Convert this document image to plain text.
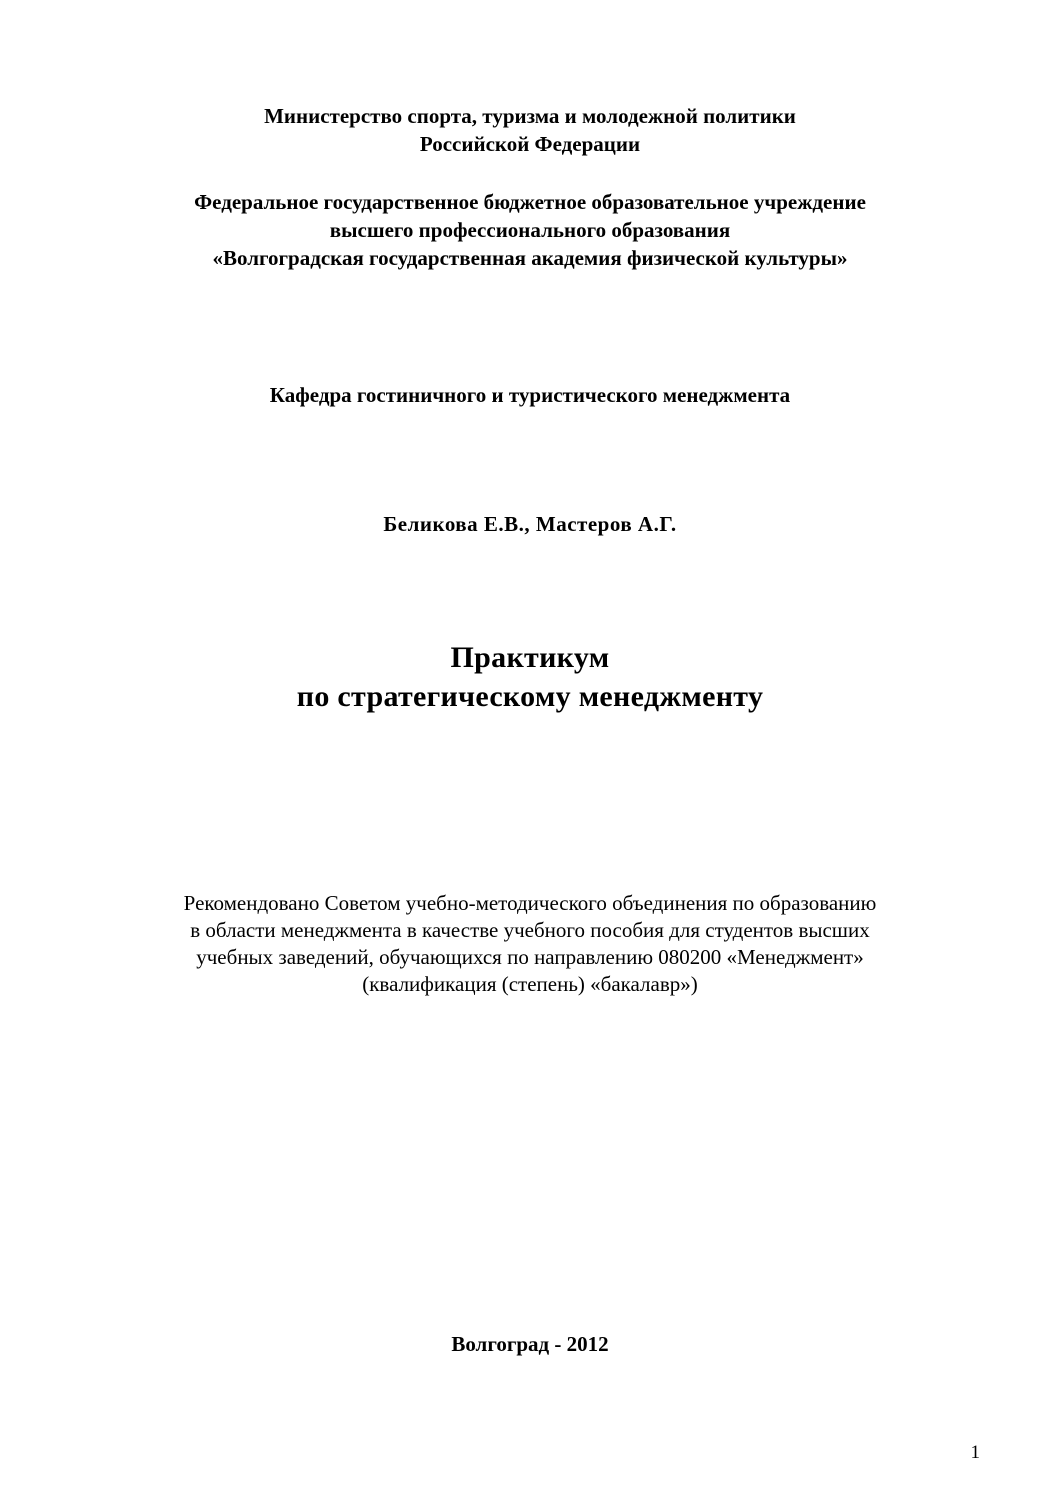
Министерство спорта, туризма и молодежной политики
Российской Федерации
Федеральное государственное бюджетное образовательное учреждение
высшего профессионального образования
«Волгоградская государственная академия физической культуры»
Кафедра гостиничного и туристического менеджмента
Беликова Е.В., Мастеров А.Г.
Практикум
по стратегическому менеджменту
Рекомендовано Советом учебно-методического объединения по образованию
в области менеджмента в качестве учебного пособия для студентов высших
учебных заведений, обучающихся по направлению 080200 «Менеджмент»
(квалификация (степень) «бакалавр»)
Волгоград - 2012
1
